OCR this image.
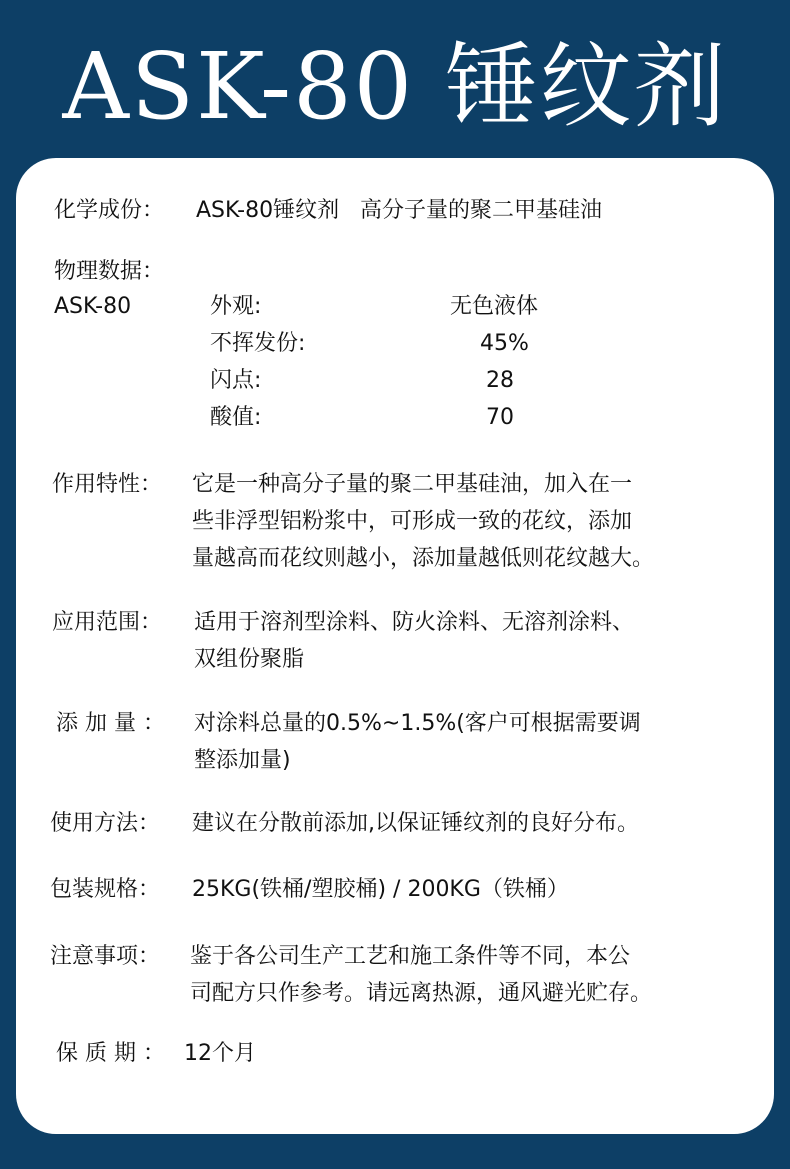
ASK-80 锤纹剂
化学成份： ASK-80锤纹剂   高分子量的聚二甲基硅油
物理数据：
ASK-80	外观:	无色液体
不挥发份:	45%
闪点:	28
酸值:	70
作用特性： 它是一种高分子量的聚二甲基硅油，加入在一
些非浮型铝粉浆中，可形成一致的花纹，添加
量越高而花纹则越小，添加量越低则花纹越大。
应用范围： 适用于溶剂型涂料、防火涂料、无溶剂涂料、
双组份聚脂
添 加 量 ： 对涂料总量的0.5%~1.5%(客户可根据需要调
整添加量)
使用方法： 建议在分散前添加,以保证锤纹剂的良好分布。
包装规格： 25KG(铁桶/塑胶桶) / 200KG（铁桶）
注意事项： 鉴于各公司生产工艺和施工条件等不同，本公
司配方只作参考。请远离热源，通风避光贮存。
保 质 期 ： 12个月
